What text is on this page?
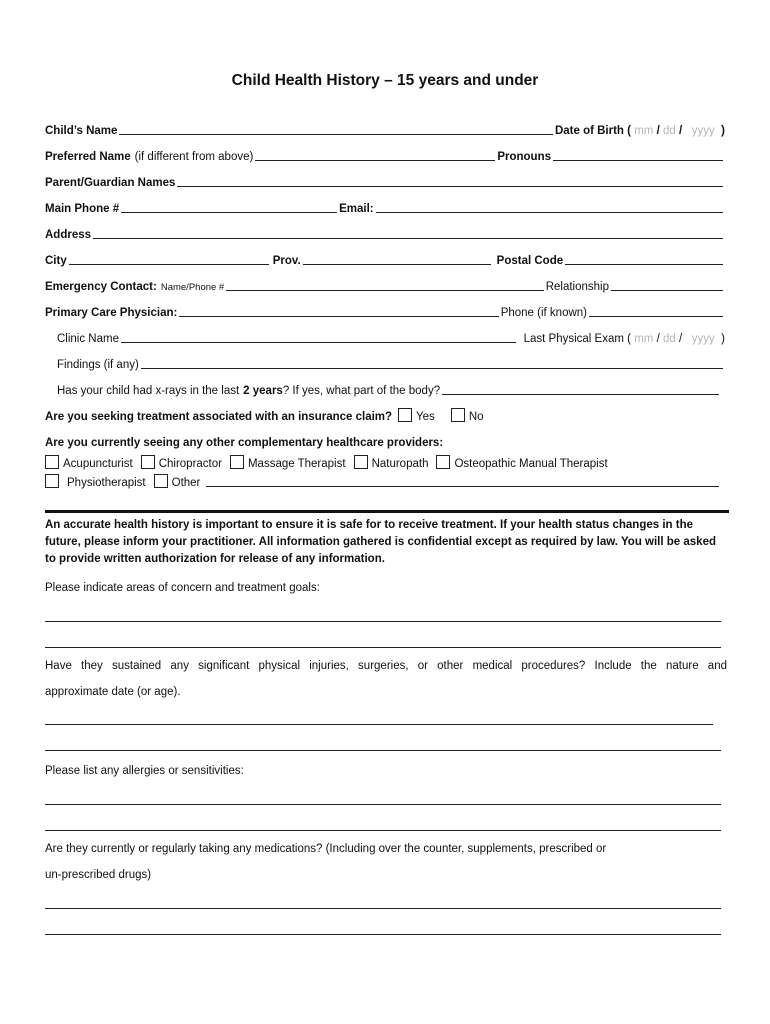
Child Health History – 15 years and under
Child’s Name	Date of Birth ( mm / dd / yyyy )
Preferred Name (if different from above)	Pronouns
Parent/Guardian Names
Main Phone #	Email:
Address
City	Prov.	Postal Code
Emergency Contact: Name/Phone #	Relationship
Primary Care Physician:	Phone (if known)
Clinic Name	Last Physical Exam ( mm / dd / yyyy )
Findings (if any)
Has your child had x-rays in the last 2 years ? If yes, what part of the body?
Are you seeking treatment associated with an insurance claim? Yes	No
Are you currently seeing any other complementary healthcare providers:
Acupuncturist Chiropractor Massage Therapist Naturopath Osteopathic Manual Therapist
Physiotherapist Other
An accurate health history is important to ensure it is safe for to receive treatment. If your health status changes in the future, please inform your practitioner. All information gathered is confidential except as required by law. You will be asked to provide written authorization for release of any information.
Please indicate areas of concern and treatment goals:
Have they sustained any significant physical injuries, surgeries, or other medical procedures? Include the nature and
approximate date (or age).
Please list any allergies or sensitivities:
Are they currently or regularly taking any medications? (Including over the counter, supplements, prescribed or
un-prescribed drugs)
